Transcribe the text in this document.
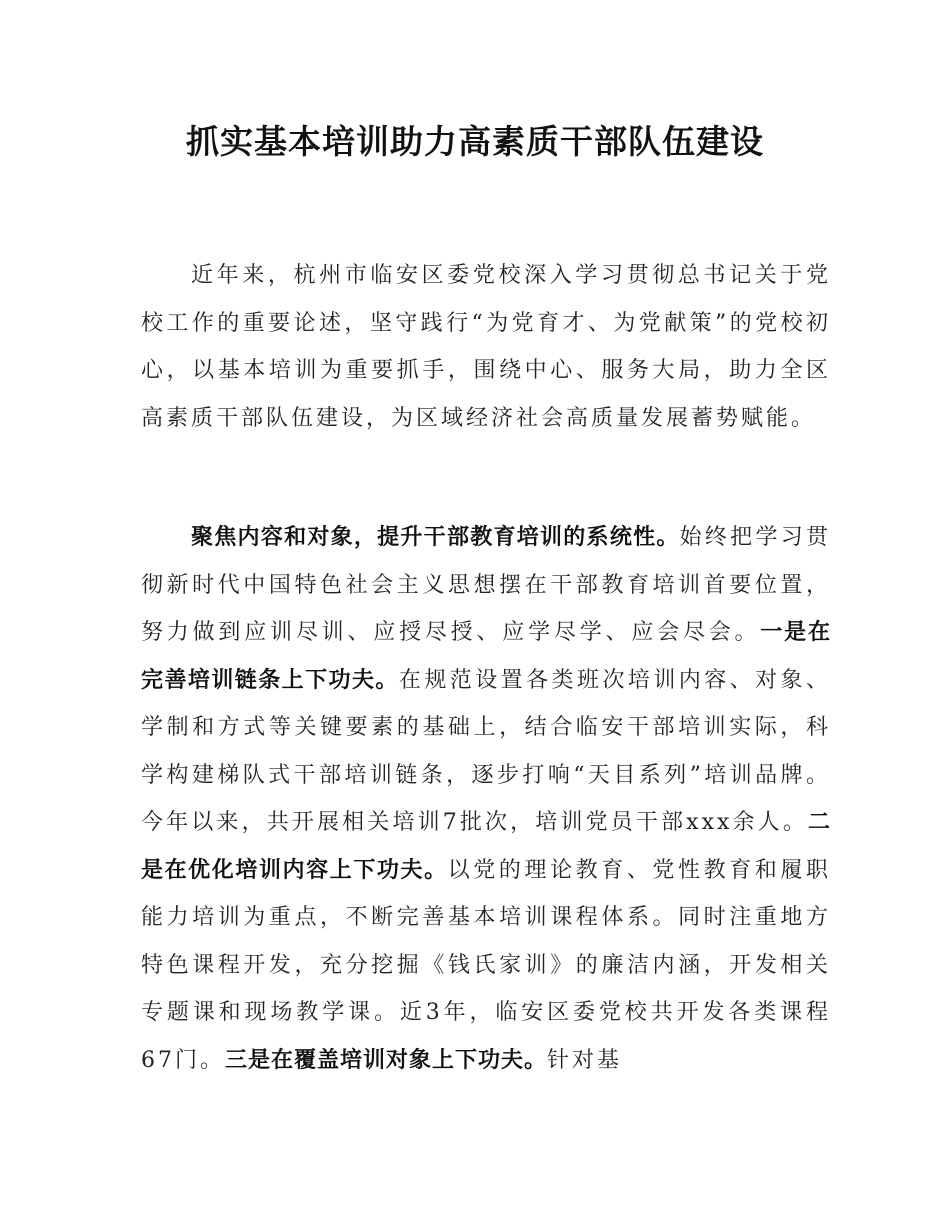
抓实基本培训助力高素质干部队伍建设

近年来，杭州市临安区委党校深入学习贯彻总书记关于党校工作的重要论述，坚守践行“为党育才、为党献策”的党校初心，以基本培训为重要抓手，围绕中心、服务大局，助力全区高素质干部队伍建设，为区域经济社会高质量发展蓄势赋能。

聚焦内容和对象，提升干部教育培训的系统性。始终把学习贯彻新时代中国特色社会主义思想摆在干部教育培训首要位置，努力做到应训尽训、应授尽授、应学尽学、应会尽会。一是在完善培训链条上下功夫。在规范设置各类班次培训内容、对象、学制和方式等关键要素的基础上，结合临安干部培训实际，科学构建梯队式干部培训链条，逐步打响“天目系列”培训品牌。今年以来，共开展相关培训7批次，培训党员干部xxx余人。二是在优化培训内容上下功夫。以党的理论教育、党性教育和履职能力培训为重点，不断完善基本培训课程体系。同时注重地方特色课程开发，充分挖掘《钱氏家训》的廉洁内涵，开发相关专题课和现场教学课。近3年，临安区委党校共开发各类课程67门。三是在覆盖培训对象上下功夫。针对基
